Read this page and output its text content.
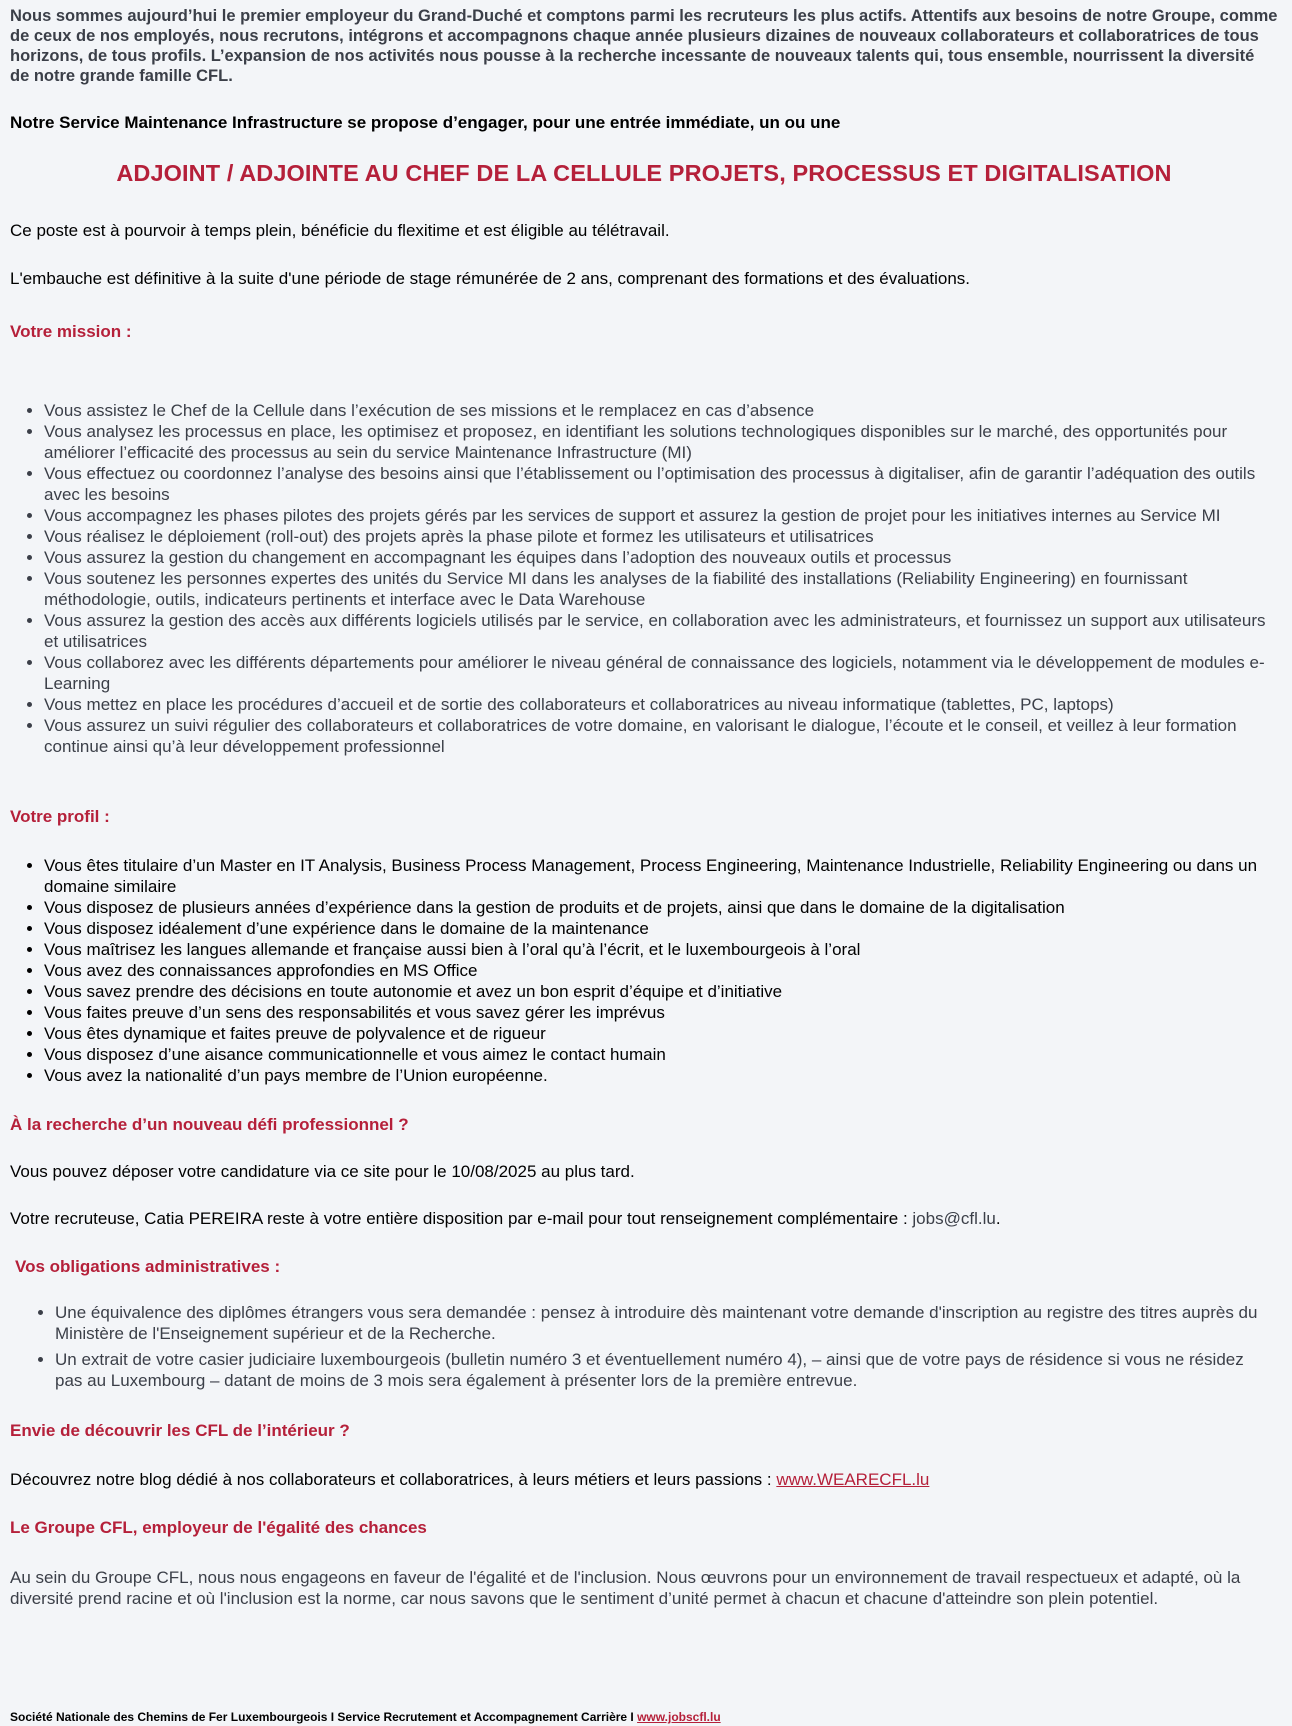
Nous sommes aujourd’hui le premier employeur du Grand-Duché et comptons parmi les recruteurs les plus actifs. Attentifs aux besoins de notre Groupe, comme de ceux de nos employés, nous recrutons, intégrons et accompagnons chaque année plusieurs dizaines de nouveaux collaborateurs et collaboratrices de tous horizons, de tous profils. L’expansion de nos activités nous pousse à la recherche incessante de nouveaux talents qui, tous ensemble, nourrissent la diversité de notre grande famille CFL.
Notre Service Maintenance Infrastructure se propose d’engager, pour une entrée immédiate, un ou une
ADJOINT / ADJOINTE AU CHEF DE LA CELLULE PROJETS, PROCESSUS ET DIGITALISATION
Ce poste est à pourvoir à temps plein, bénéficie du flexitime et est éligible au télétravail.
L'embauche est définitive à la suite d'une période de stage rémunérée de 2 ans, comprenant des formations et des évaluations.
Votre mission :
• Vous assistez le Chef de la Cellule dans l’exécution de ses missions et le remplacez en cas d’absence
• Vous analysez les processus en place, les optimisez et proposez, en identifiant les solutions technologiques disponibles sur le marché, des opportunités pour améliorer l’efficacité des processus au sein du service Maintenance Infrastructure (MI)
• Vous effectuez ou coordonnez l’analyse des besoins ainsi que l’établissement ou l’optimisation des processus à digitaliser, afin de garantir l’adéquation des outils avec les besoins
• Vous accompagnez les phases pilotes des projets gérés par les services de support et assurez la gestion de projet pour les initiatives internes au Service MI
• Vous réalisez le déploiement (roll-out) des projets après la phase pilote et formez les utilisateurs et utilisatrices
• Vous assurez la gestion du changement en accompagnant les équipes dans l’adoption des nouveaux outils et processus
• Vous soutenez les personnes expertes des unités du Service MI dans les analyses de la fiabilité des installations (Reliability Engineering) en fournissant méthodologie, outils, indicateurs pertinents et interface avec le Data Warehouse
• Vous assurez la gestion des accès aux différents logiciels utilisés par le service, en collaboration avec les administrateurs, et fournissez un support aux utilisateurs et utilisatrices
• Vous collaborez avec les différents départements pour améliorer le niveau général de connaissance des logiciels, notamment via le développement de modules e-Learning
• Vous mettez en place les procédures d’accueil et de sortie des collaborateurs et collaboratrices au niveau informatique (tablettes, PC, laptops)
• Vous assurez un suivi régulier des collaborateurs et collaboratrices de votre domaine, en valorisant le dialogue, l’écoute et le conseil, et veillez à leur formation continue ainsi qu’à leur développement professionnel
Votre profil :
• Vous êtes titulaire d’un Master en IT Analysis, Business Process Management, Process Engineering, Maintenance Industrielle, Reliability Engineering ou dans un domaine similaire
• Vous disposez de plusieurs années d’expérience dans la gestion de produits et de projets, ainsi que dans le domaine de la digitalisation
• Vous disposez idéalement d’une expérience dans le domaine de la maintenance
• Vous maîtrisez les langues allemande et française aussi bien à l’oral qu’à l’écrit, et le luxembourgeois à l’oral
• Vous avez des connaissances approfondies en MS Office
• Vous savez prendre des décisions en toute autonomie et avez un bon esprit d’équipe et d’initiative
• Vous faites preuve d’un sens des responsabilités et vous savez gérer les imprévus
• Vous êtes dynamique et faites preuve de polyvalence et de rigueur
• Vous disposez d’une aisance communicationnelle et vous aimez le contact humain
• Vous avez la nationalité d’un pays membre de l’Union européenne.
À la recherche d’un nouveau défi professionnel ?
Vous pouvez déposer votre candidature via ce site pour le 10/08/2025 au plus tard.
Votre recruteuse, Catia PEREIRA reste à votre entière disposition par e-mail pour tout renseignement complémentaire : jobs@cfl.lu.
Vos obligations administratives :
• Une équivalence des diplômes étrangers vous sera demandée : pensez à introduire dès maintenant votre demande d'inscription au registre des titres auprès du Ministère de l'Enseignement supérieur et de la Recherche.
• Un extrait de votre casier judiciaire luxembourgeois (bulletin numéro 3 et éventuellement numéro 4), – ainsi que de votre pays de résidence si vous ne résidez pas au Luxembourg – datant de moins de 3 mois sera également à présenter lors de la première entrevue.
Envie de découvrir les CFL de l’intérieur ?
Découvrez notre blog dédié à nos collaborateurs et collaboratrices, à leurs métiers et leurs passions : www.WEARECFL.lu
Le Groupe CFL, employeur de l'égalité des chances
Au sein du Groupe CFL, nous nous engageons en faveur de l'égalité et de l'inclusion. Nous œuvrons pour un environnement de travail respectueux et adapté, où la diversité prend racine et où l'inclusion est la norme, car nous savons que le sentiment d’unité permet à chacun et chacune d'atteindre son plein potentiel.
Société Nationale des Chemins de Fer Luxembourgeois I Service Recrutement et Accompagnement Carrière I www.jobscfl.lu
